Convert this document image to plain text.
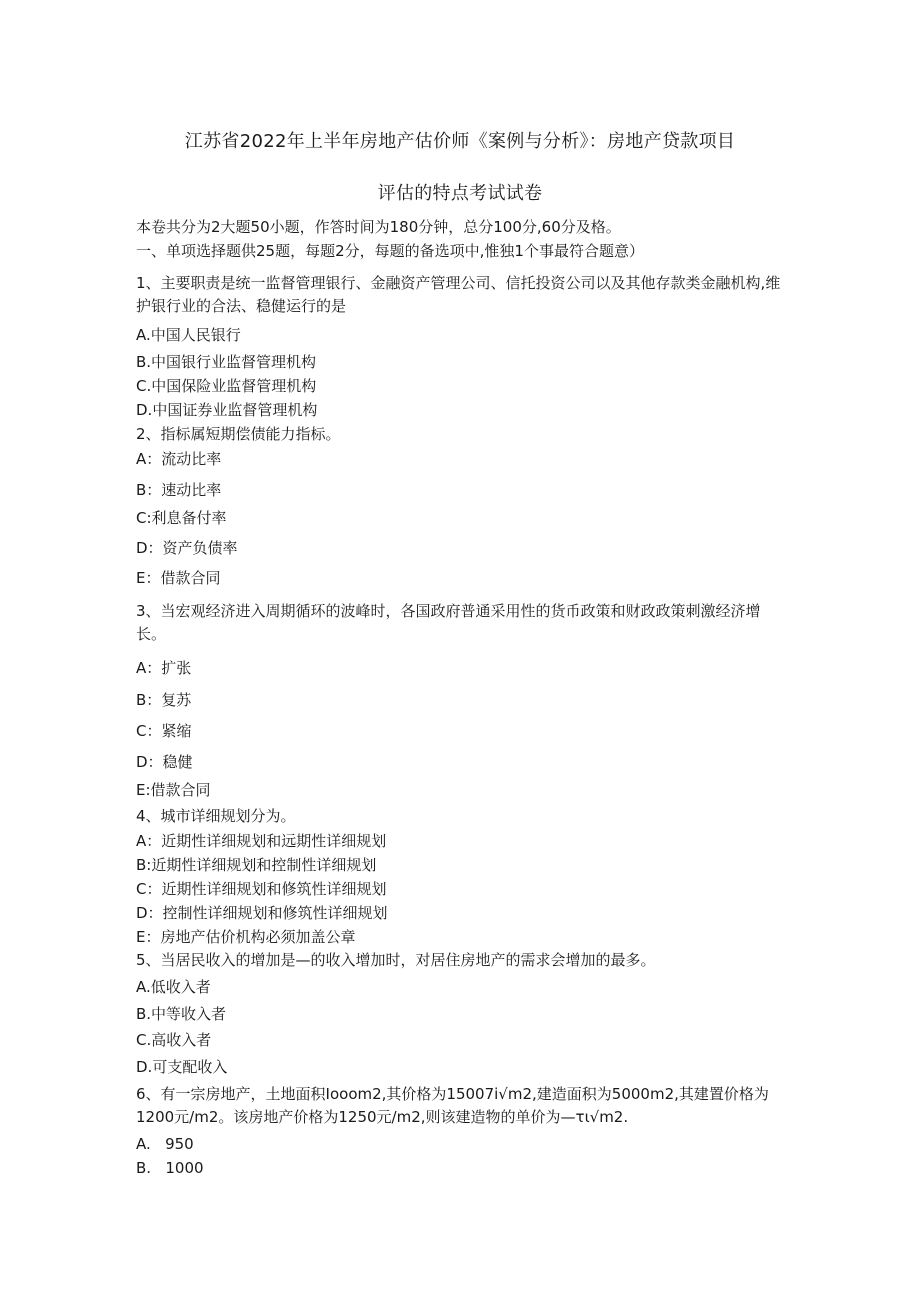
江苏省2022年上半年房地产估价师《案例与分析》：房地产贷款项目
评估的特点考试试卷
本卷共分为2大题50小题，作答时间为180分钟，总分100分,60分及格。
一、单项选择题供25题，每题2分，每题的备选项中,惟独1个事最符合题意）
1、主要职责是统一监督管理银行、金融资产管理公司、信托投资公司以及其他存款类金融机构,维护银行业的合法、稳健运行的是
A.中国人民银行
B.中国银行业监督管理机构
C.中国保险业监督管理机构
D.中国证券业监督管理机构
2、指标属短期偿债能力指标。
A：流动比率
B：速动比率
C:利息备付率
D：资产负债率
E：借款合同
3、当宏观经济进入周期循环的波峰时，各国政府普通采用性的货币政策和财政政策刺激经济增长。
A：扩张
B：复苏
C：紧缩
D：稳健
E:借款合同
4、城市详细规划分为。
A：近期性详细规划和远期性详细规划
B:近期性详细规划和控制性详细规划
C：近期性详细规划和修筑性详细规划
D：控制性详细规划和修筑性详细规划
E：房地产估价机构必须加盖公章
5、当居民收入的增加是—的收入增加时，对居住房地产的需求会增加的最多。
A.低收入者
B.中等收入者
C.高收入者
D.可支配收入
6、有一宗房地产，土地面积Iooom2,其价格为15007i√m2,建造面积为5000m2,其建置价格为1200元/m2。该房地产价格为1250元/m2,则该建造物的单价为—τι√m2.
A.   950
B.   1000
